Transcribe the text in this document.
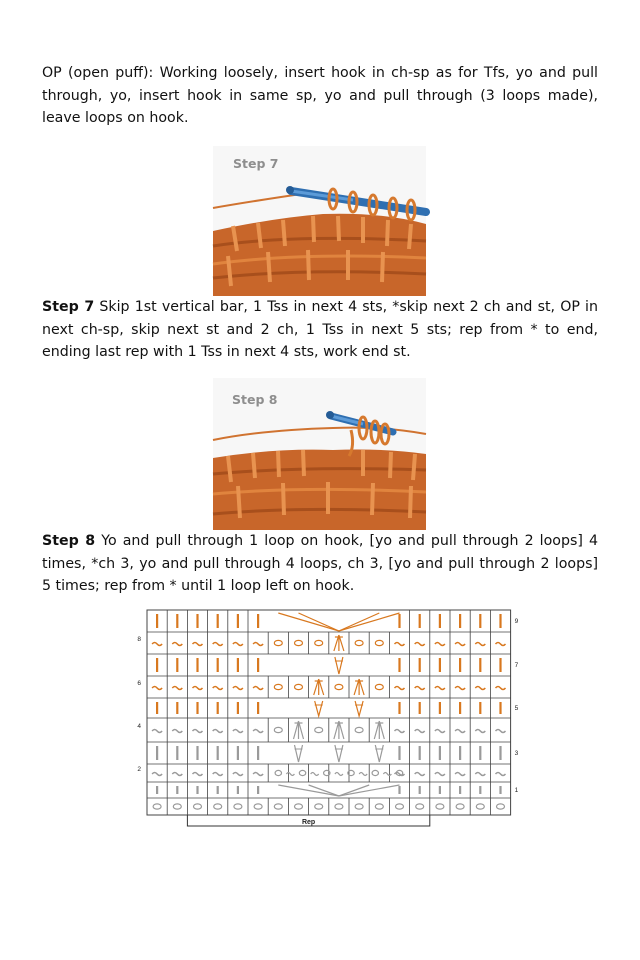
OP (open puff): Working loosely, insert hook in ch-sp as for Tfs, yo and pull through, yo, insert hook in same sp, yo and pull through (3 loops made), leave loops on hook.

Step 7

Step 7 Skip 1st vertical bar, 1 Tss in next 4 sts, *skip next 2 ch and st, OP in next ch-sp, skip next st and 2 ch, 1 Tss in next 5 sts; rep from * to end, ending last rep with 1 Tss in next 4 sts, work end st.

Step 8

Step 8 Yo and pull through 1 loop on hook, [yo and pull through 2 loops] 4 times, *ch 3, yo and pull through 4 loops, ch 3, [yo and pull through 2 loops] 5 times; rep from * until 1 loop left on hook.

8
6
4
2
9
7
5
3
1
Rep
